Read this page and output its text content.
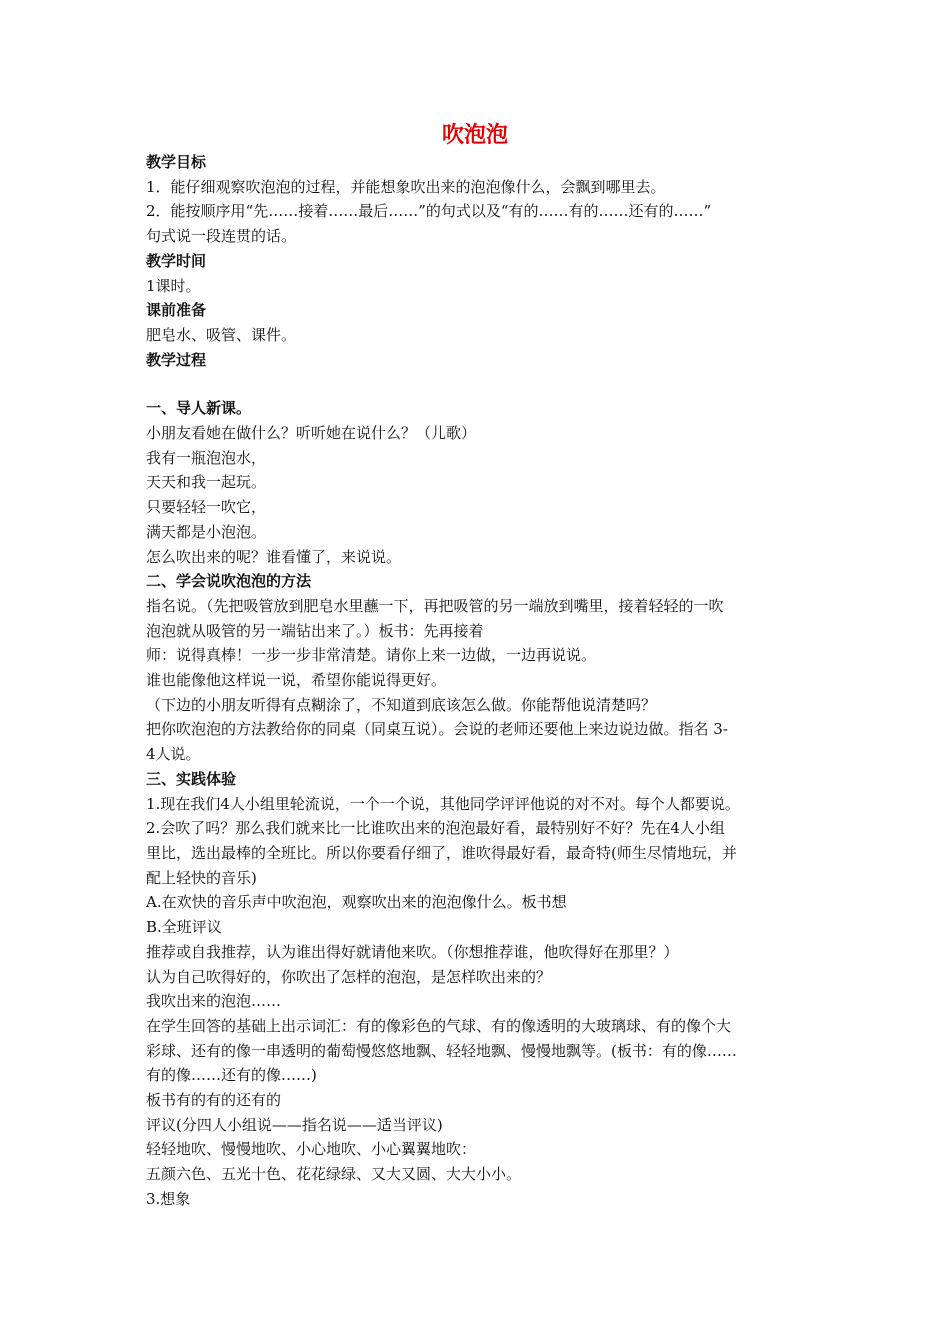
吹泡泡

教学目标

1．能仔细观察吹泡泡的过程，并能想象吹出来的泡泡像什么，会飘到哪里去。

2．能按顺序用“先……接着……最后……”的句式以及“有的……有的……还有的……”

句式说一段连贯的话。

教学时间

1课时。

课前准备

肥皂水、吸管、课件。

教学过程

一、导人新课。

小朋友看她在做什么？听听她在说什么？（儿歌）

我有一瓶泡泡水，

天天和我一起玩。

只要轻轻一吹它，

满天都是小泡泡。

怎么吹出来的呢？谁看懂了，来说说。

二、学会说吹泡泡的方法

指名说。（先把吸管放到肥皂水里蘸一下，再把吸管的另一端放到嘴里，接着轻轻的一吹

泡泡就从吸管的另一端钻出来了。）板书：先再接着

师：说得真棒！一步一步非常清楚。请你上来一边做，一边再说说。

谁也能像他这样说一说，希望你能说得更好。

（下边的小朋友听得有点糊涂了，不知道到底该怎么做。你能帮他说清楚吗？

把你吹泡泡的方法教给你的同桌（同桌互说）。会说的老师还要他上来边说边做。指名 3-

4人说。

三、实践体验

1.现在我们4人小组里轮流说，一个一个说，其他同学评评他说的对不对。每个人都要说。

2.会吹了吗？那么我们就来比一比谁吹出来的泡泡最好看，最特别好不好？先在4人小组

里比，选出最棒的全班比。所以你要看仔细了，谁吹得最好看，最奇特(师生尽情地玩，并

配上轻快的音乐)

A.在欢快的音乐声中吹泡泡，观察吹出来的泡泡像什么。板书想

B.全班评议

推荐或自我推荐，认为谁出得好就请他来吹。（你想推荐谁，他吹得好在那里？）

认为自己吹得好的，你吹出了怎样的泡泡，是怎样吹出来的？

我吹出来的泡泡……

在学生回答的基础上出示词汇：有的像彩色的气球、有的像透明的大玻璃球、有的像个大

彩球、还有的像一串透明的葡萄慢悠悠地飘、轻轻地飘、慢慢地飘等。(板书：有的像……

有的像……还有的像……)

板书有的有的还有的

评议(分四人小组说——指名说——适当评议)

轻轻地吹、慢慢地吹、小心地吹、小心翼翼地吹：

五颜六色、五光十色、花花绿绿、又大又圆、大大小小。

3.想象
